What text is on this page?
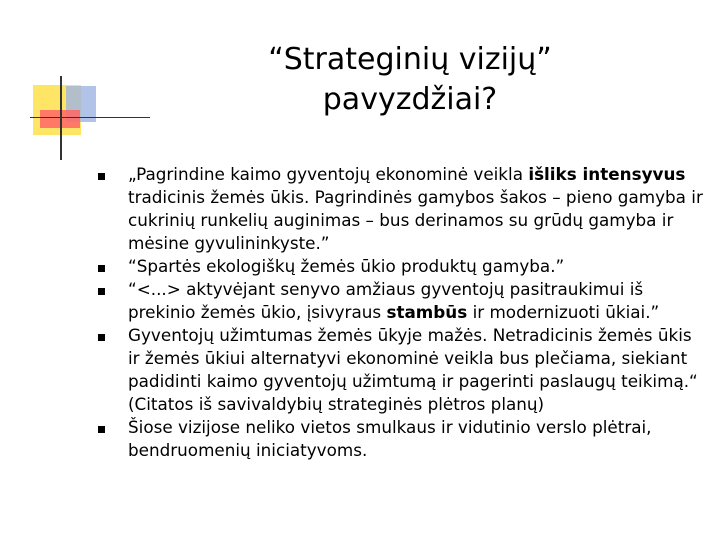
“Strateginių vizijų”
pavyzdžiai?
„Pagrindine kaimo gyventojų ekonominė veikla išliks intensyvus tradicinis žemės ūkis. Pagrindinės gamybos šakos – pieno gamyba ir cukrinių runkelių auginimas – bus derinamos su grūdų gamyba ir mėsine gyvulininkyste.”
“Spartės ekologiškų žemės ūkio produktų gamyba.”
“<...> aktyvėjant senyvo amžiaus gyventojų pasitraukimui iš prekinio žemės ūkio, įsivyraus stambūs ir modernizuoti ūkiai.”
Gyventojų užimtumas žemės ūkyje mažės. Netradicinis žemės ūkis ir žemės ūkiui alternatyvi ekonominė veikla bus plečiama, siekiant padidinti kaimo gyventojų užimtumą ir pagerinti paslaugų teikimą.“ (Citatos iš savivaldybių strateginės plėtros planų)
Šiose vizijose neliko vietos smulkaus ir vidutinio verslo plėtrai, bendruomenių iniciatyvoms.
